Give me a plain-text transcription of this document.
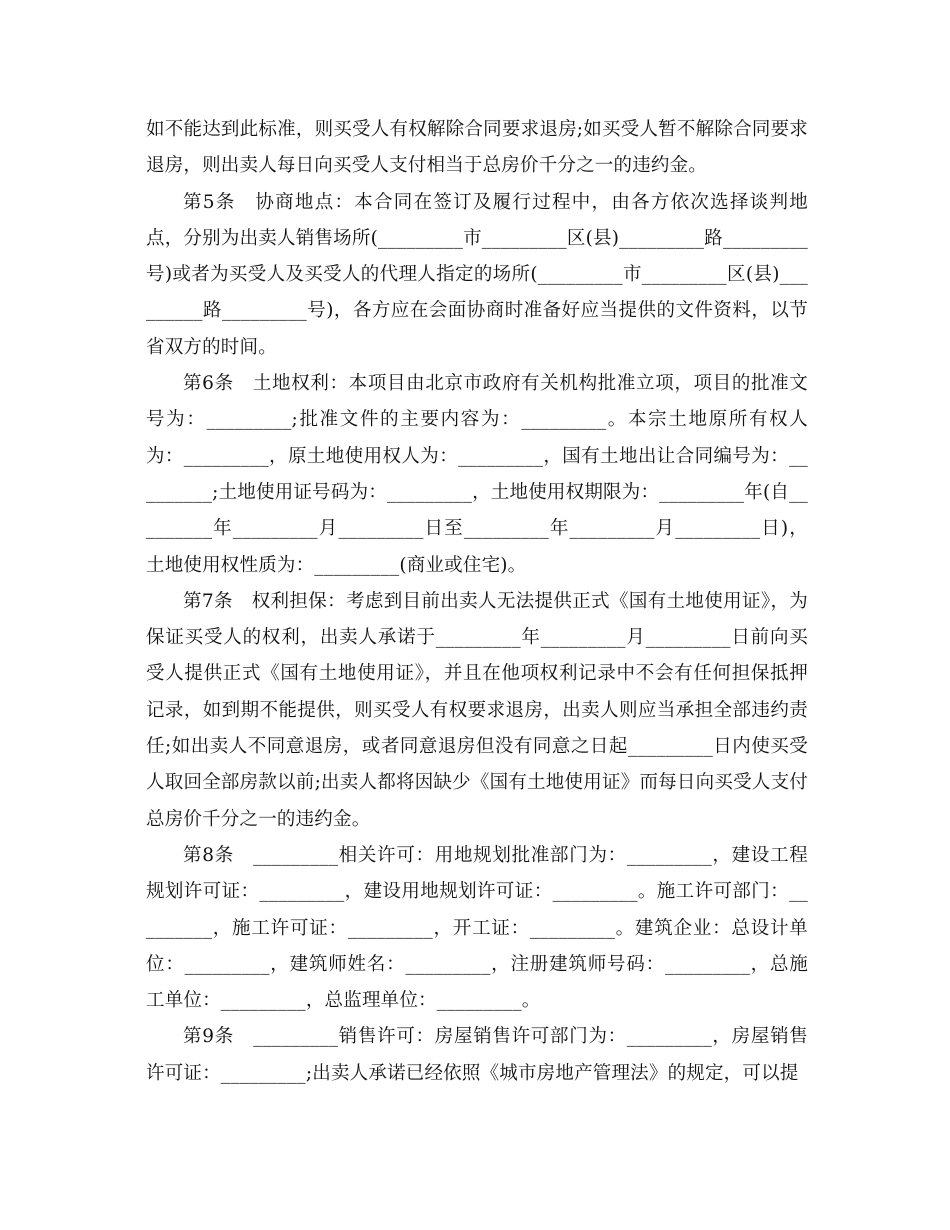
如不能达到此标准，则买受人有权解除合同要求退房;如买受人暂不解除合同要求退房，则出卖人每日向买受人支付相当于总房价千分之一的违约金。

第5条　协商地点：本合同在签订及履行过程中，由各方依次选择谈判地点，分别为出卖人销售场所(_________市_________区(县)_________路_________号)或者为买受人及买受人的代理人指定的场所(_________市_________区(县)_________路_________号)，各方应在会面协商时准备好应当提供的文件资料，以节省双方的时间。

第6条　土地权利：本项目由北京市政府有关机构批准立项，项目的批准文号为：_________;批准文件的主要内容为：_________。本宗土地原所有权人为：_________，原土地使用权人为：_________，国有土地出让合同编号为：_________;土地使用证号码为：_________，土地使用权期限为：_________年(自_________年_________月_________日至_________年_________月_________日)，土地使用权性质为：_________(商业或住宅)。

第7条　权利担保：考虑到目前出卖人无法提供正式《国有土地使用证》，为保证买受人的权利，出卖人承诺于_________年_________月_________日前向买受人提供正式《国有土地使用证》，并且在他项权利记录中不会有任何担保抵押记录，如到期不能提供，则买受人有权要求退房，出卖人则应当承担全部违约责任;如出卖人不同意退房，或者同意退房但没有同意之日起_________日内使买受人取回全部房款以前;出卖人都将因缺少《国有土地使用证》而每日向买受人支付总房价千分之一的违约金。

第8条　_________相关许可：用地规划批准部门为：_________，建设工程规划许可证：_________，建设用地规划许可证：_________。施工许可部门：_________，施工许可证：_________，开工证：_________。建筑企业：总设计单位：_________，建筑师姓名：_________，注册建筑师号码：_________，总施工单位：_________，总监理单位：_________。

第9条　_________销售许可：房屋销售许可部门为：_________，房屋销售许可证：_________;出卖人承诺已经依照《城市房地产管理法》的规定，可以提
